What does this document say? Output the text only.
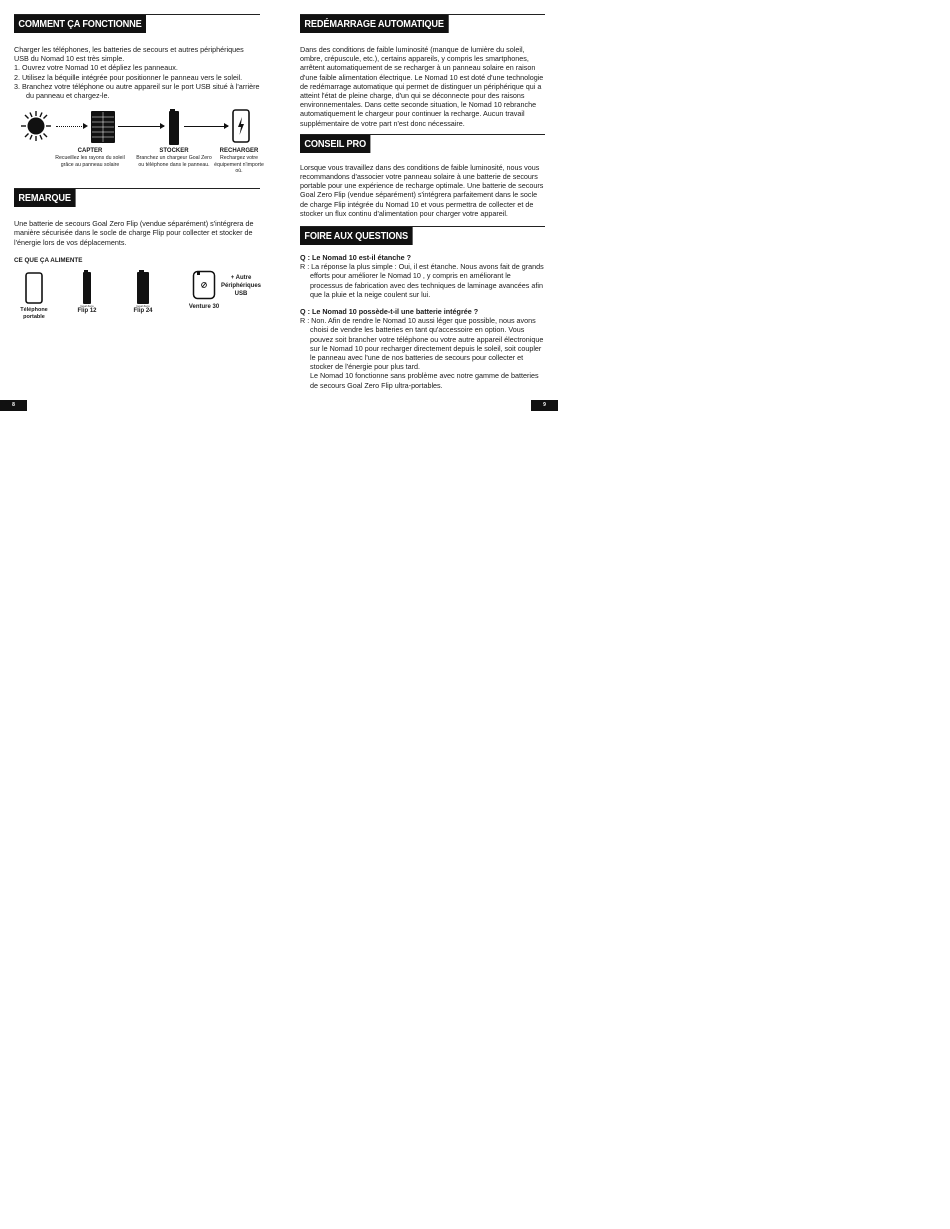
COMMENT ÇA FONCTIONNE

Charger les téléphones, les batteries de secours et autres périphériques USB du Nomad 10 est très simple.

1. Ouvrez votre Nomad 10 et dépliez les panneaux.

2. Utilisez la béquille intégrée pour positionner le panneau vers le soleil.

3. Branchez votre téléphone ou autre appareil sur le port USB situé à l'arrière du panneau et chargez-le.

CAPTER
Recueillez les rayons du soleil grâce au panneau solaire
STOCKER
Branchez un chargeur Goal Zero ou téléphone dans le panneau.
RECHARGER
Rechargez votre équipement n'importe où.
REMARQUE

Une batterie de secours Goal Zero Flip (vendue séparément) s'intégrera de manière sécurisée dans le socle de charge Flip pour collecter et stocker de l'énergie lors de vos déplacements.

CE QUE ÇA ALIMENTE
Téléphone portable
Goal Zero
Flip 12
Goal Zero
Flip 24
Venture 30
+ Autre Périphériques USB
8
REDÉMARRAGE AUTOMATIQUE

Dans des conditions de faible luminosité (manque de lumière du soleil, ombre, crépuscule, etc.), certains appareils, y compris les smartphones, arrêtent automatiquement de se recharger à un panneau solaire en raison d'une faible alimentation électrique. Le Nomad 10 est doté d'une technologie de redémarrage automatique qui permet de distinguer un périphérique qui a atteint l'état de pleine charge, d'un qui se déconnecte pour des raisons environnementales. Dans cette seconde situation, le Nomad 10 rebranche automatiquement le chargeur pour continuer la recharge. Aucun travail supplémentaire de votre part n'est donc nécessaire.

CONSEIL PRO

Lorsque vous travaillez dans des conditions de faible luminosité, nous vous recommandons d'associer votre panneau solaire à une batterie de secours portable pour une expérience de recharge optimale. Une batterie de secours Goal Zero Flip (vendue séparément) s'intégrera parfaitement dans le socle de charge Flip intégrée du Nomad 10 et vous permettra de collecter et de stocker un flux continu d'alimentation pour charger votre appareil.

FOIRE AUX QUESTIONS
Q : Le Nomad 10 est-il étanche ?
R : La réponse la plus simple : Oui, il est étanche. Nous avons fait de grands efforts pour améliorer le Nomad 10 , y compris en améliorant le processus de fabrication avec des techniques de laminage avancées afin que la pluie et la neige coulent sur lui.
Q : Le Nomad 10 possède-t-il une batterie intégrée ?
R : Non. Afin de rendre le Nomad 10 aussi léger que possible, nous avons choisi de vendre les batteries en tant qu'accessoire en option. Vous pouvez soit brancher votre téléphone ou votre autre appareil électronique sur le Nomad 10 pour recharger directement depuis le soleil, soit coupler le panneau avec l'une de nos batteries de secours pour collecter et stocker de l'énergie pour plus tard.
Le Nomad 10 fonctionne sans problème avec notre gamme de batteries de secours Goal Zero Flip ultra-portables.
9
